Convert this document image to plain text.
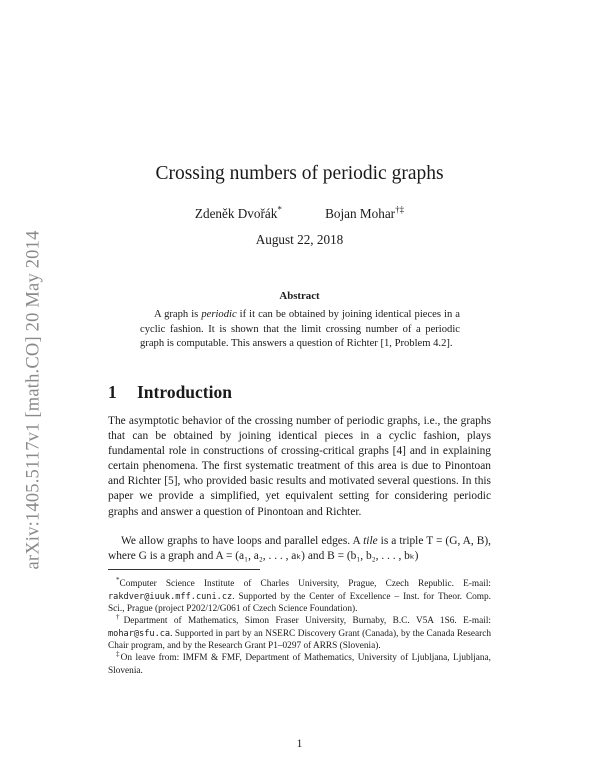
arXiv:1405.5117v1 [math.CO] 20 May 2014
Crossing numbers of periodic graphs
Zdeněk Dvořák*	Bojan Mohar†‡
August 22, 2018
Abstract
A graph is periodic if it can be obtained by joining identical pieces in a cyclic fashion. It is shown that the limit crossing number of a periodic graph is computable. This answers a question of Richter [1, Problem 4.2].
1 Introduction
The asymptotic behavior of the crossing number of periodic graphs, i.e., the graphs that can be obtained by joining identical pieces in a cyclic fashion, plays fundamental role in constructions of crossing-critical graphs [4] and in explaining certain phenomena. The first systematic treatment of this area is due to Pinontoan and Richter [5], who provided basic results and motivated several questions. In this paper we provide a simplified, yet equivalent setting for considering periodic graphs and answer a question of Pinontoan and Richter.
We allow graphs to have loops and parallel edges. A tile is a triple T = (G, A, B), where G is a graph and A = (a₁, a₂, . . . , aₖ) and B = (b₁, b₂, . . . , bₖ)
*Computer Science Institute of Charles University, Prague, Czech Republic. E-mail: rakdver@iuuk.mff.cuni.cz. Supported by the Center of Excellence – Inst. for Theor. Comp. Sci., Prague (project P202/12/G061 of Czech Science Foundation).
†Department of Mathematics, Simon Fraser University, Burnaby, B.C. V5A 1S6. E-mail: mohar@sfu.ca. Supported in part by an NSERC Discovery Grant (Canada), by the Canada Research Chair program, and by the Research Grant P1–0297 of ARRS (Slovenia).
‡On leave from: IMFM & FMF, Department of Mathematics, University of Ljubljana, Ljubljana, Slovenia.
1
